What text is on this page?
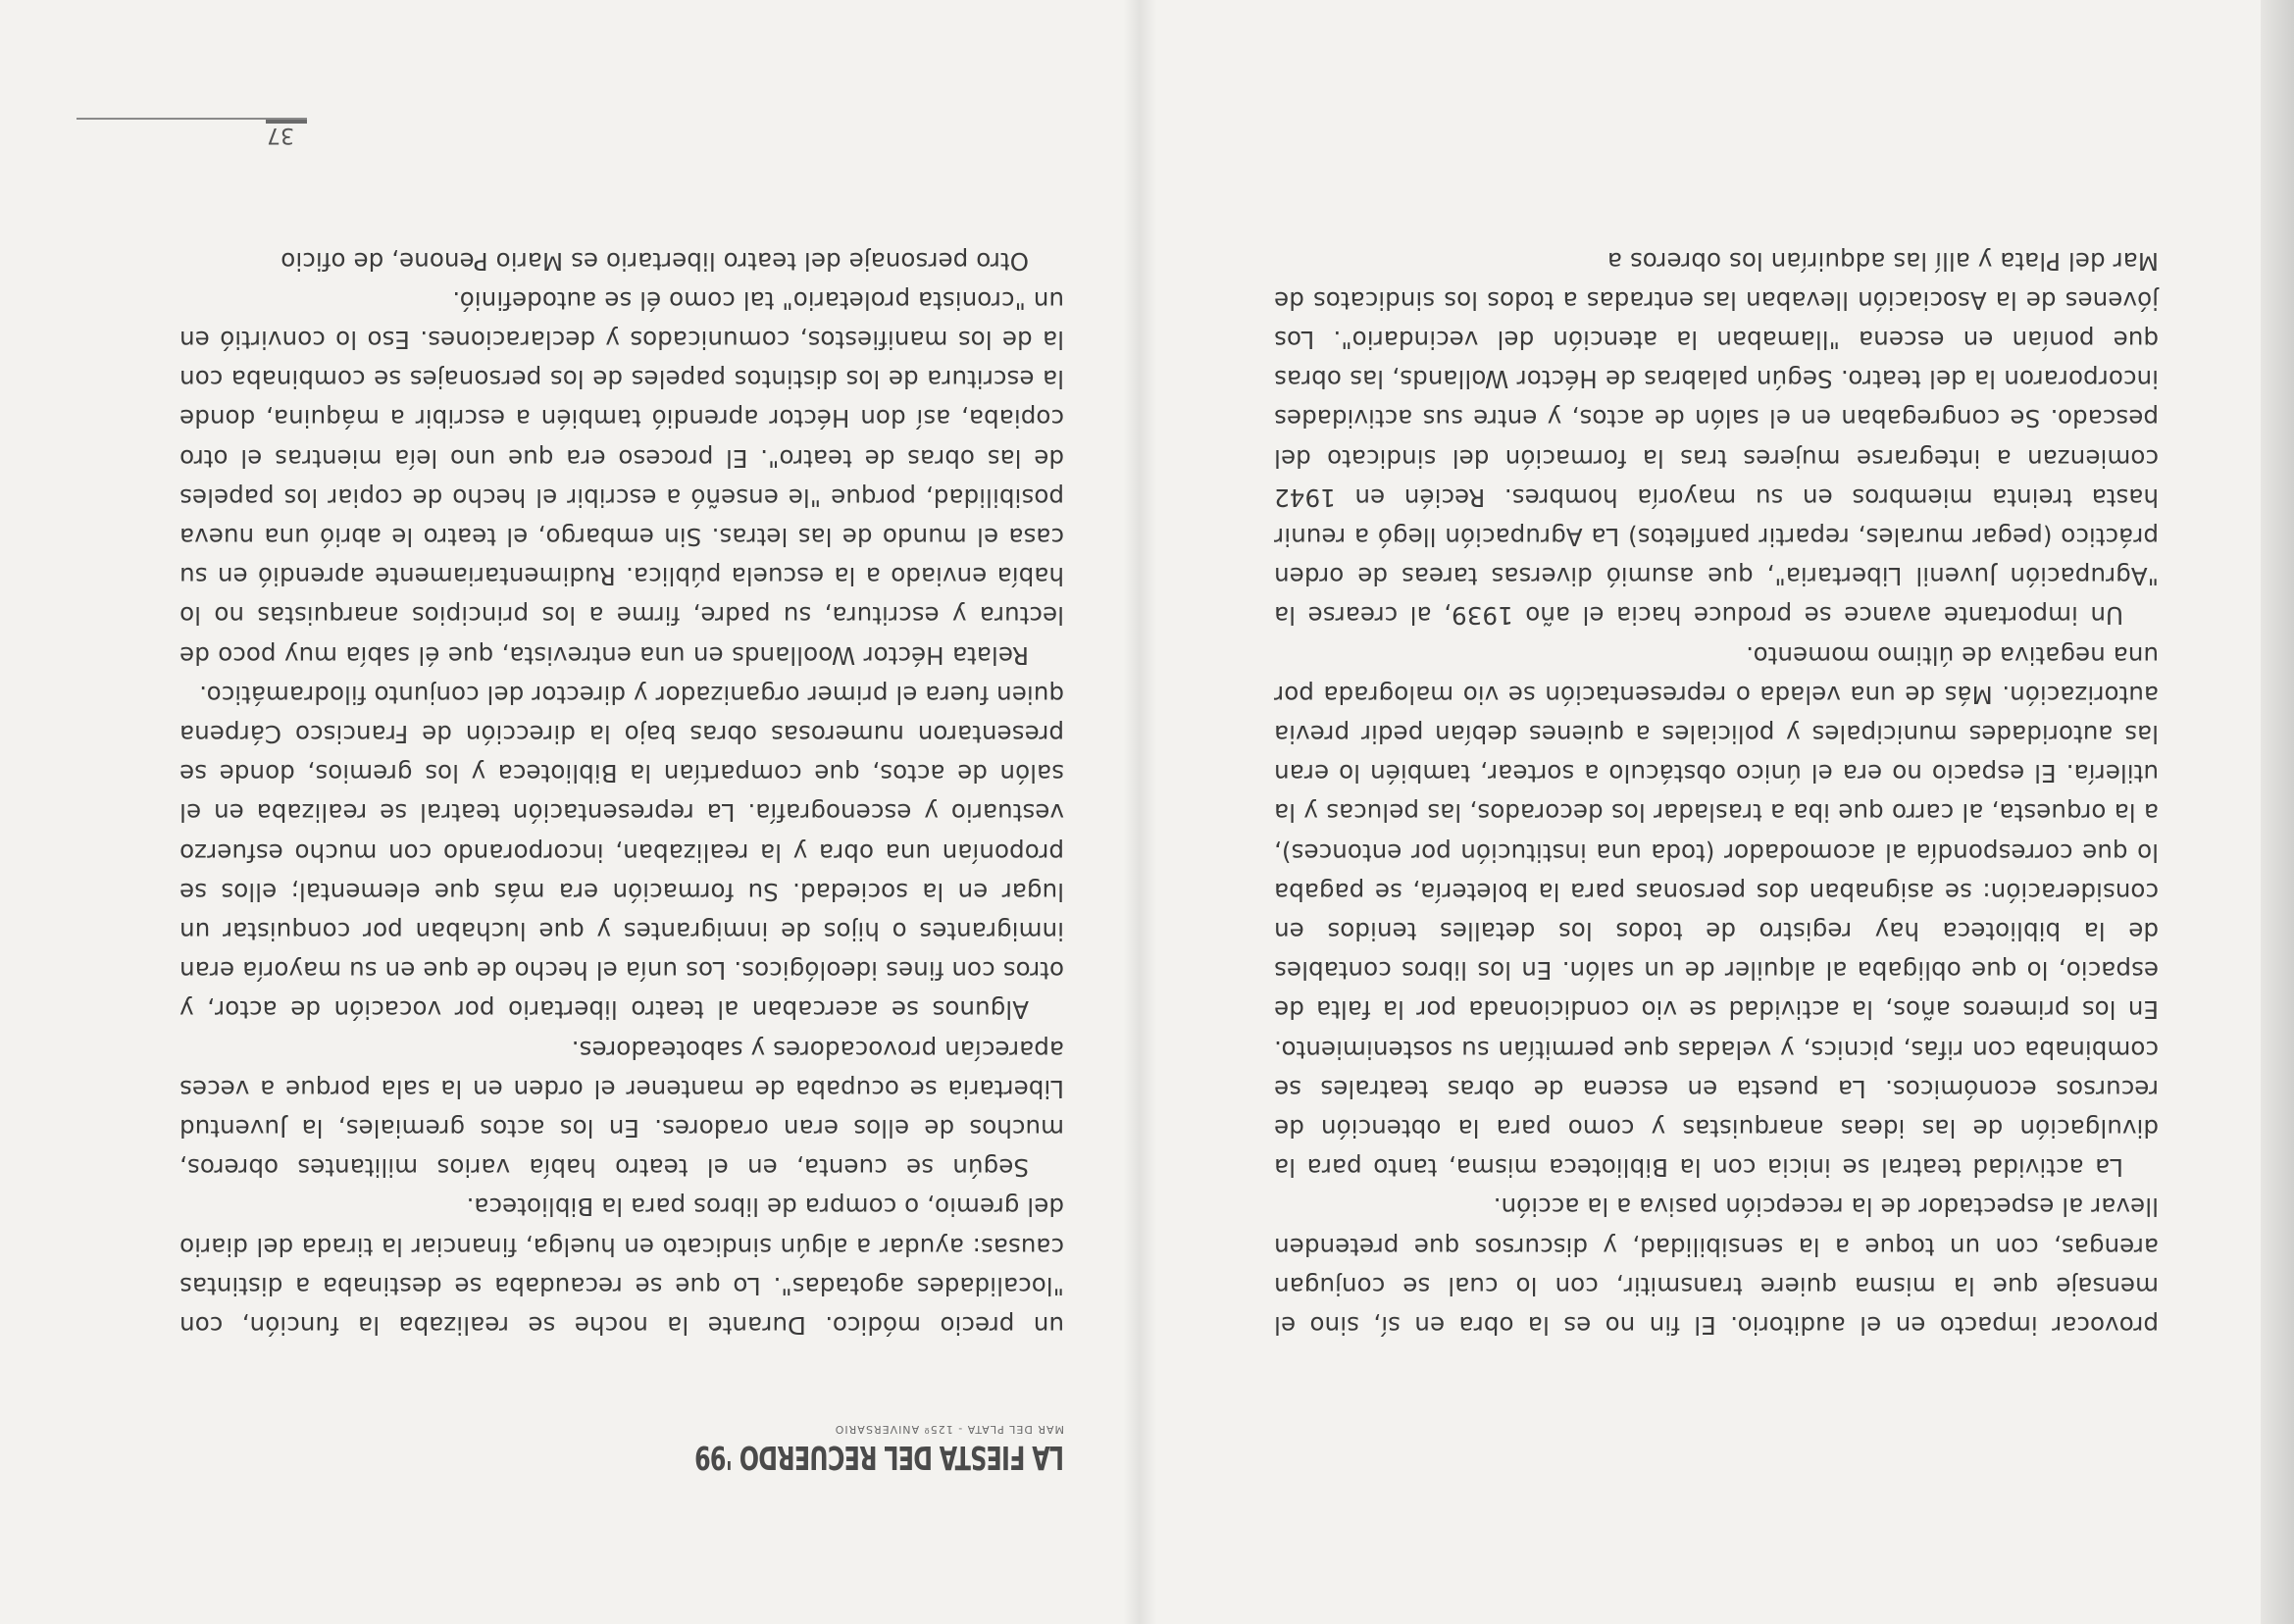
LA FIESTA DEL RECUERDO '99
MAR DEL PLATA - 125º ANIVERSARIO

provocar impacto en el auditorio. El fin no es la obra en sí, sino el mensaje que la misma quiere transmitir, con lo cual se conjugan arengas, con un toque a la sensibilidad, y discursos que pretenden llevar al espectador de la recepción pasiva a la acción.

La actividad teatral se inicia con la Biblioteca misma, tanto para la divulgación de las ideas anarquistas y como para la obtención de recursos económicos. La puesta en escena de obras teatrales se combinaba con rifas, picnics, y veladas que permitían su sostenimiento. En los primeros años, la actividad se vio condicionada por la falta de espacio, lo que obligaba al alquiler de un salón. En los libros contables de la biblioteca hay registro de todos los detalles tenidos en consideración: se asignaban dos personas para la boletería, se pagaba lo que correspondía al acomodador (toda una institución por entonces), a la orquesta, al carro que iba a trasladar los decorados, las pelucas y la utilería. El espacio no era el único obstáculo a sortear, también lo eran las autoridades municipales y policiales a quienes debían pedir previa autorización. Más de una velada o representación se vio malograda por una negativa de último momento.

Un importante avance se produce hacia el año 1939, al crearse la "Agrupación Juvenil Libertaria", que asumió diversas tareas de orden práctico (pegar murales, repartir panfletos) La Agrupación llegó a reunir hasta treinta miembros en su mayoría hombres. Recién en 1942 comienzan a integrarse mujeres tras la formación del sindicato del pescado. Se congregaban en el salón de actos, y entre sus actividades incorporaron la del teatro. Según palabras de Héctor Wollands, las obras que ponían en escena "llamaban la atención del vecindario". Los jóvenes de la Asociación llevaban las entradas a todos los sindicatos de Mar del Plata y allí las adquirían los obreros a

un precio módico. Durante la noche se realizaba la función, con "localidades agotadas". Lo que se recaudaba se destinaba a distintas causas: ayudar a algún sindicato en huelga, financiar la tirada del diario del gremio, o compra de libros para la Biblioteca.

Según se cuenta, en el teatro había varios militantes obreros, muchos de ellos eran oradores. En los actos gremiales, la Juventud Libertaria se ocupaba de mantener el orden en la sala porque a veces aparecían provocadores y saboteadores.

Algunos se acercaban al teatro libertario por vocación de actor, y otros con fines ideológicos. Los unía el hecho de que en su mayoría eran inmigrantes o hijos de inmigrantes y que luchaban por conquistar un lugar en la sociedad. Su formación era más que elemental; ellos se proponían una obra y la realizaban, incorporando con mucho esfuerzo vestuario y escenografía. La representación teatral se realizaba en el salón de actos, que compartían la Biblioteca y los gremios, donde se presentaron numerosas obras bajo la dirección de Francisco Cárpena quien fuera el primer organizador y director del conjunto filodramático.

Relata Héctor Woollands en una entrevista, que él sabía muy poco de lectura y escritura, su padre, firme a los principios anarquistas no lo había enviado a la escuela pública. Rudimentariamente aprendió en su casa el mundo de las letras. Sin embargo, el teatro le abrió una nueva posibilidad, porque "le enseñó a escribir el hecho de copiar los papeles de las obras de teatro". El proceso era que uno leía mientras el otro copiaba, así don Héctor aprendió también a escribir a máquina, donde la escritura de los distintos papeles de los personajes se combinaba con la de los manifiestos, comunicados y declaraciones. Eso lo convirtió en un "cronista proletario" tal como él se autodefinió.

Otro personaje del teatro libertario es Mario Penone, de oficio

37
